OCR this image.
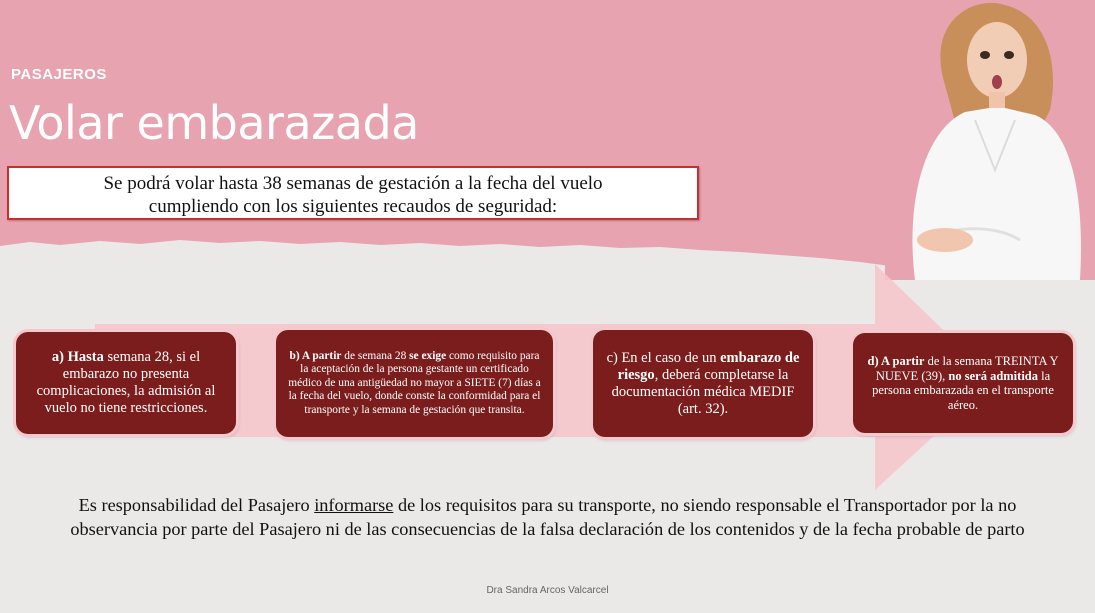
PASAJEROS
Volar embarazada
Se podrá volar hasta 38 semanas de gestación a la fecha del vuelo
cumpliendo con los siguientes recaudos de seguridad:

a) Hasta semana 28, si el embarazo no presenta complicaciones, la admisión al vuelo no tiene restricciones.

b) A partir de semana 28 se exige como requisito para la aceptación de la persona gestante un certificado médico de una antigüedad no mayor a SIETE (7) días a la fecha del vuelo, donde conste la conformidad para el transporte y la semana de gestación que transita.

c) En el caso de un embarazo de riesgo, deberá completarse la documentación médica MEDIF (art. 32).

d) A partir de la semana TREINTA Y NUEVE (39), no será admitida la persona embarazada en el transporte aéreo.

Es responsabilidad del Pasajero informarse de los requisitos para su transporte, no siendo responsable el Transportador por la no observancia por parte del Pasajero ni de las consecuencias de la falsa declaración de los contenidos y de la fecha probable de parto
Dra Sandra Arcos Valcarcel
